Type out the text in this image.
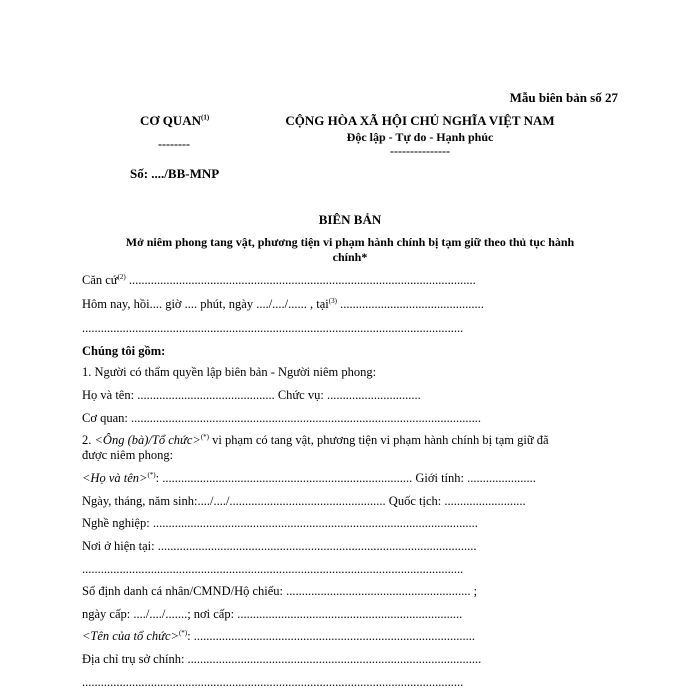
Mẫu biên bản số 27
CƠ QUAN$^{(1)}$
--------
CỘNG HÒA XÃ HỘI CHỦ NGHĨA VIỆT NAM
Độc lập - Tự do - Hạnh phúc
---------------
Số: ..../BB-MNP
BIÊN BẢN
Mở niêm phong tang vật, phương tiện vi phạm hành chính bị tạm giữ theo thủ tục hành
chính*
Căn cứ$^{(2)}$ ...............................................................................................................
Hôm nay, hồi.... giờ .... phút, ngày ..../..../...... , tại$^{(3)}$ ..............................................
..........................................................................................................................
Chúng tôi gồm:
1. Người có thẩm quyền lập biên bản - Người niêm phong:
Họ và tên: ............................................ Chức vụ: ..............................
Cơ quan: ................................................................................................................
2. <Ông (bà)/Tổ chức>(*) vi phạm có tang vật, phương tiện vi phạm hành chính bị tạm giữ đã
được niêm phong:
<Họ và tên>(*): ................................................................................ Giới tính: ......................
Ngày, tháng, năm sinh:..../..../.................................................. Quốc tịch: ..........................
Nghề nghiệp: ........................................................................................................
Nơi ở hiện tại: ......................................................................................................
..........................................................................................................................
Số định danh cá nhân/CMND/Hộ chiếu: ........................................................... ;
ngày cấp: ..../..../.......; nơi cấp: ........................................................................
<Tên của tổ chức>(*): ..........................................................................................
Địa chỉ trụ sở chính: ..............................................................................................
..........................................................................................................................
